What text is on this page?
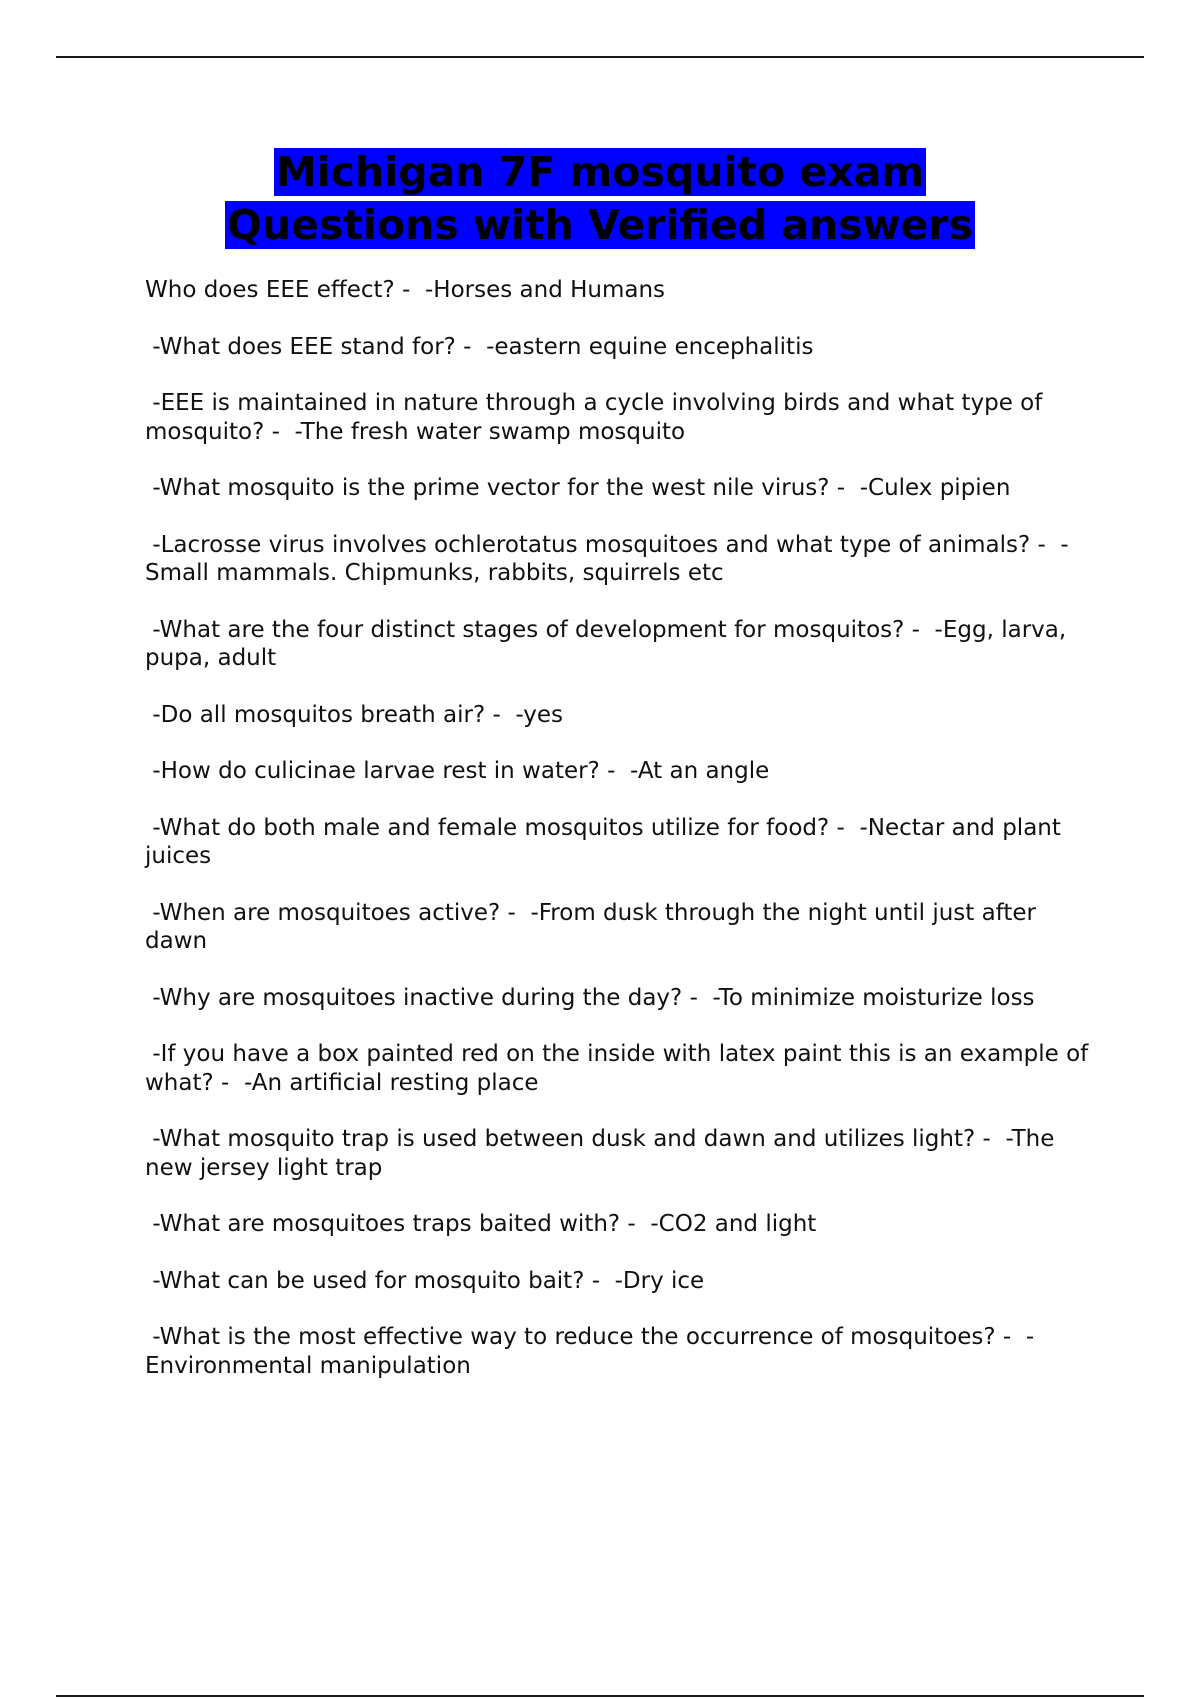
Michigan 7F mosquito exam
Questions with Verified answers
Who does EEE effect? -  -Horses and Humans
-What does EEE stand for? -  -eastern equine encephalitis
-EEE is maintained in nature through a cycle involving birds and what type of mosquito? -  -The fresh water swamp mosquito
-What mosquito is the prime vector for the west nile virus? -  -Culex pipien
-Lacrosse virus involves ochlerotatus mosquitoes and what type of animals? -  -Small mammals. Chipmunks, rabbits, squirrels etc
-What are the four distinct stages of development for mosquitos? -  -Egg, larva, pupa, adult
-Do all mosquitos breath air? -  -yes
-How do culicinae larvae rest in water? -  -At an angle
-What do both male and female mosquitos utilize for food? -  -Nectar and plant juices
-When are mosquitoes active? -  -From dusk through the night until just after dawn
-Why are mosquitoes inactive during the day? -  -To minimize moisturize loss
-If you have a box painted red on the inside with latex paint this is an example of what? -  -An artificial resting place
-What mosquito trap is used between dusk and dawn and utilizes light? -  -The new jersey light trap
-What are mosquitoes traps baited with? -  -CO2 and light
-What can be used for mosquito bait? -  -Dry ice
-What is the most effective way to reduce the occurrence of mosquitoes? -  -Environmental manipulation
